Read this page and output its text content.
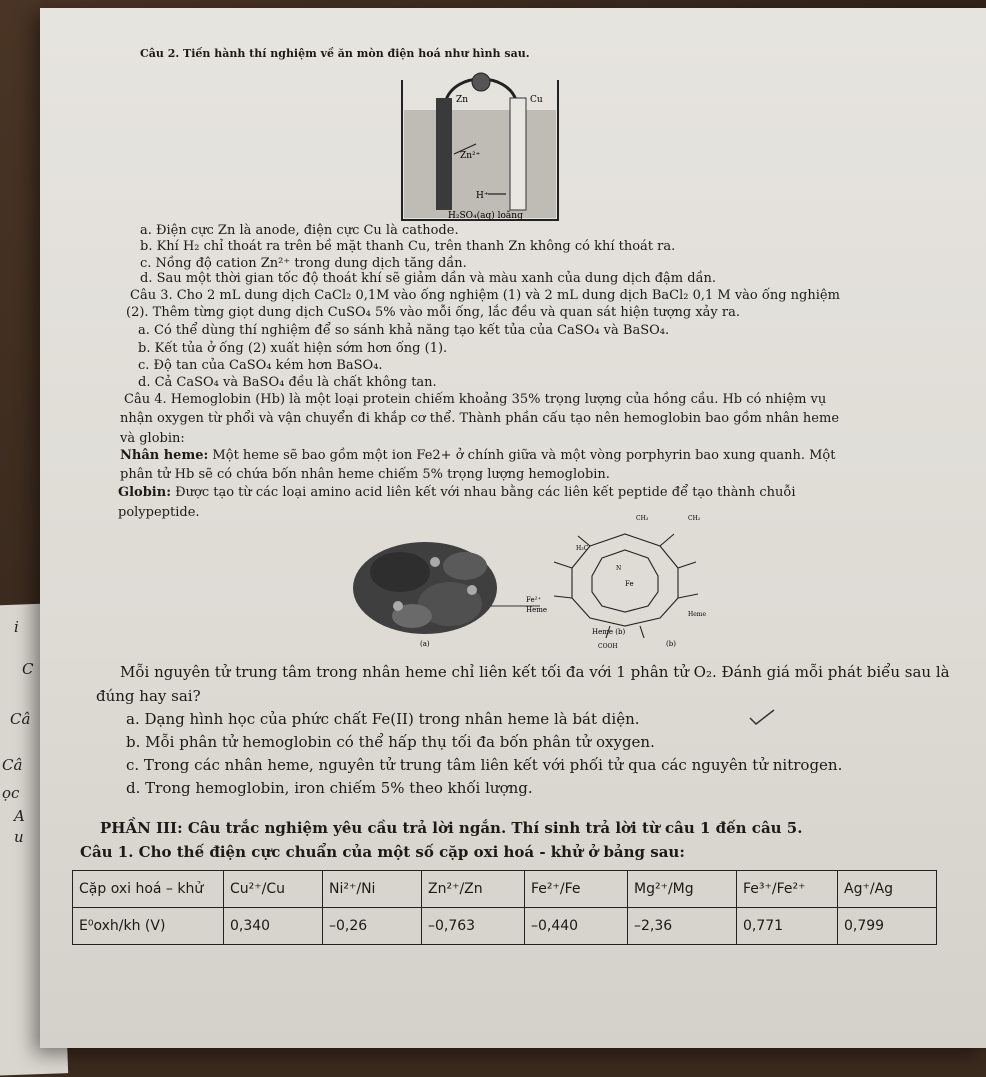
i
C
Câ
Câ
ọc
A
u
Câu 2. Tiến hành thí nghiệm về ăn mòn điện hoá như hình sau.
Zn	Cu
Zn²⁺
H⁺
H₂SO₄(aq) loãng
a. Điện cực Zn là anode, điện cực Cu là cathode.
b. Khí H₂ chỉ thoát ra trên bề mặt thanh Cu, trên thanh Zn không có khí thoát ra.
c. Nồng độ cation Zn²⁺ trong dung dịch tăng dần.
d. Sau một thời gian tốc độ thoát khí sẽ giảm dần và màu xanh của dung dịch đậm dần.
Câu 3. Cho 2 mL dung dịch CaCl₂ 0,1M vào ống nghiệm (1) và 2 mL dung dịch BaCl₂ 0,1 M vào ống nghiệm
(2). Thêm từng giọt dung dịch CuSO₄ 5% vào mỗi ống, lắc đều và quan sát hiện tượng xảy ra.
a. Có thể dùng thí nghiệm để so sánh khả năng tạo kết tủa của CaSO₄ và BaSO₄.
b. Kết tủa ở ống (2) xuất hiện sớm hơn ống (1).
c. Độ tan của CaSO₄ kém hơn BaSO₄.
d. Cả CaSO₄ và BaSO₄ đều là chất không tan.
Câu 4. Hemoglobin (Hb) là một loại protein chiếm khoảng 35% trọng lượng của hồng cầu. Hb có nhiệm vụ
nhận oxygen từ phổi và vận chuyển đi khắp cơ thể. Thành phần cấu tạo nên hemoglobin bao gồm nhân heme
và globin:
Nhân heme: Một heme sẽ bao gồm một ion Fe2+ ở chính giữa và một vòng porphyrin bao xung quanh. Một
phân tử Hb sẽ có chứa bốn nhân heme chiếm 5% trọng lượng hemoglobin.
Globin: Được tạo từ các loại amino acid liên kết với nhau bằng các liên kết peptide để tạo thành chuỗi
polypeptide.
Fe²⁺
Heme
(a)
Fe
N
CH₃	CH₂
H₃C
COOH
Heme
Heme (b)
(b)
Mỗi nguyên tử trung tâm trong nhân heme chỉ liên kết tối đa với 1 phân tử O₂. Đánh giá mỗi phát biểu sau là
đúng hay sai?
a. Dạng hình học của phức chất Fe(II) trong nhân heme là bát diện.
b. Mỗi phân tử hemoglobin có thể hấp thụ tối đa bốn phân tử oxygen.
c. Trong các nhân heme, nguyên tử trung tâm liên kết với phối tử qua các nguyên tử nitrogen.
d. Trong hemoglobin, iron chiếm 5% theo khối lượng.
PHẦN III: Câu trắc nghiệm yêu cầu trả lời ngắn. Thí sinh trả lời từ câu 1 đến câu 5.
Câu 1. Cho thế điện cực chuẩn của một số cặp oxi hoá - khử ở bảng sau:
Cặp oxi hoá – khử	Cu²⁺/Cu	Ni²⁺/Ni	Zn²⁺/Zn	Fe²⁺/Fe	Mg²⁺/Mg	Fe³⁺/Fe²⁺	Ag⁺/Ag
E⁰oxh/kh (V)	0,340	–0,26	–0,763	–0,440	–2,36	0,771	0,799
